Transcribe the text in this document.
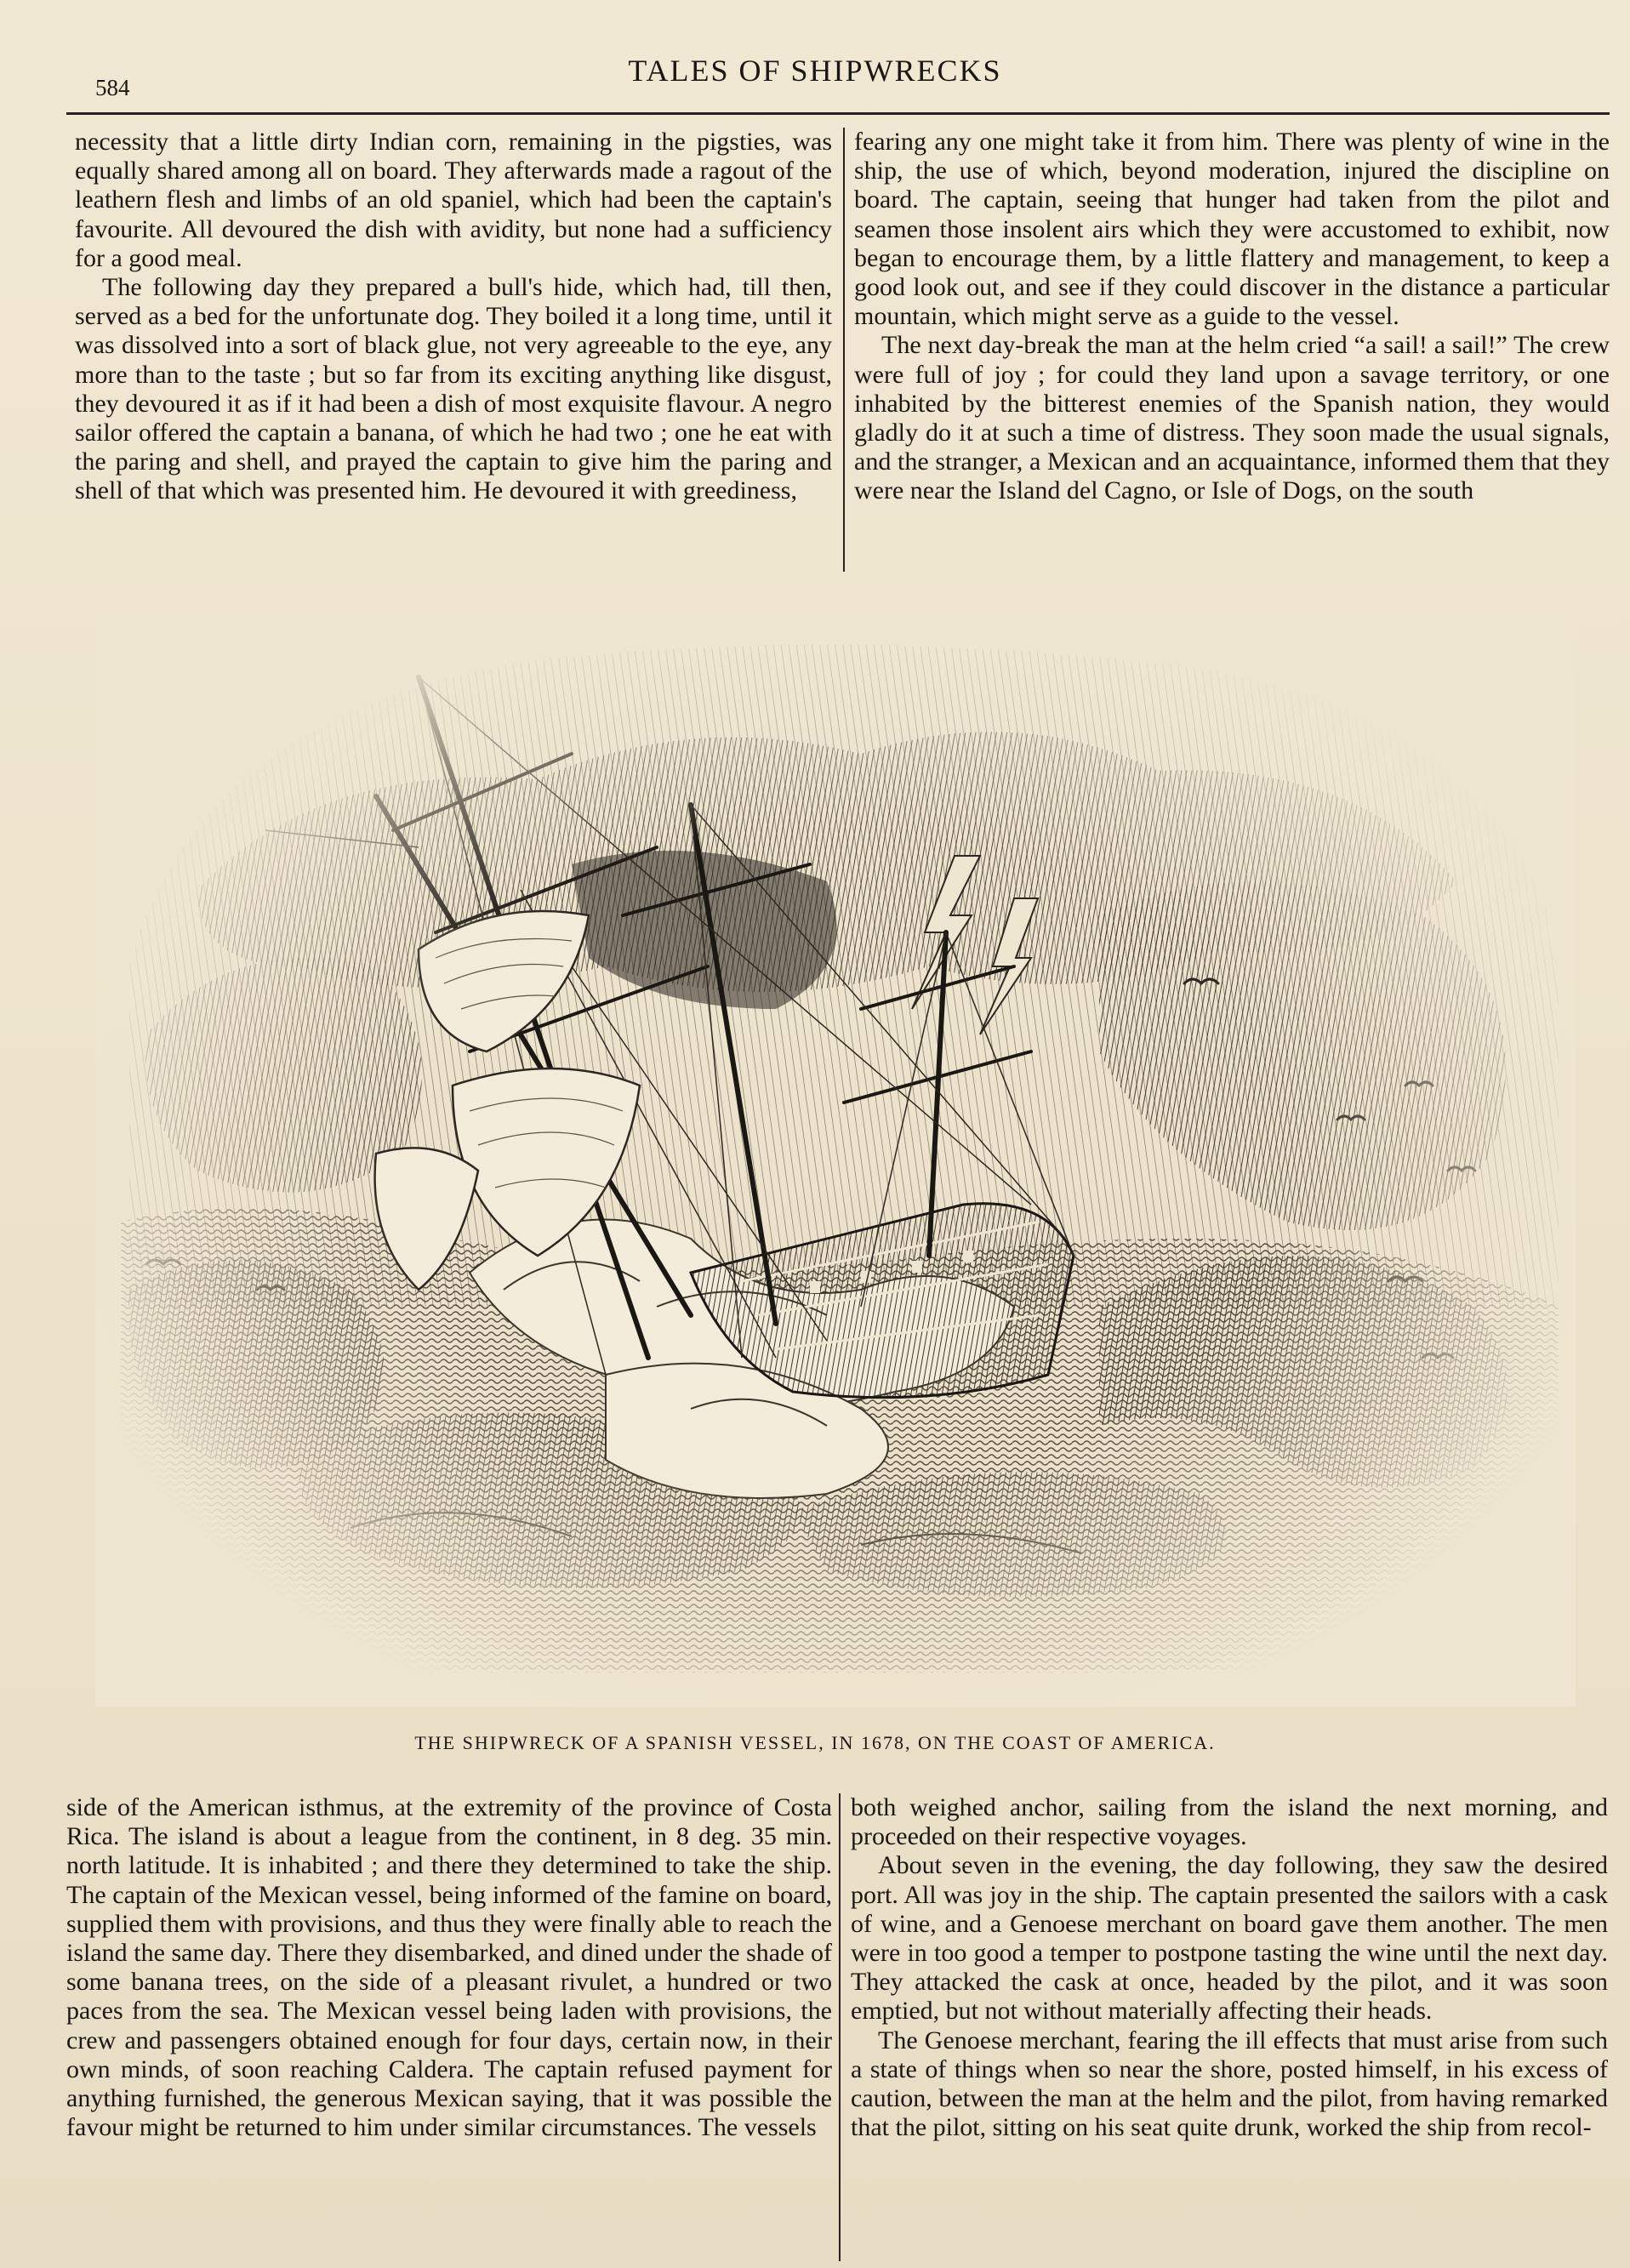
584	TALES OF SHIPWRECKS

necessity that a little dirty Indian corn, remaining in the pigsties, was equally shared among all on board. They afterwards made a ragout of the leathern flesh and limbs of an old spaniel, which had been the captain's favourite. All devoured the dish with avidity, but none had a sufficiency for a good meal.

The following day they prepared a bull's hide, which had, till then, served as a bed for the unfortunate dog. They boiled it a long time, until it was dissolved into a sort of black glue, not very agreeable to the eye, any more than to the taste ; but so far from its exciting anything like disgust, they devoured it as if it had been a dish of most exquisite flavour. A negro sailor offered the captain a banana, of which he had two ; one he eat with the paring and shell, and prayed the captain to give him the paring and shell of that which was presented him. He devoured it with greediness,

fearing any one might take it from him. There was plenty of wine in the ship, the use of which, beyond moderation, injured the discipline on board. The captain, seeing that hunger had taken from the pilot and seamen those insolent airs which they were accustomed to exhibit, now began to encourage them, by a little flattery and management, to keep a good look out, and see if they could discover in the distance a particular mountain, which might serve as a guide to the vessel.

The next day-break the man at the helm cried “a sail! a sail!” The crew were full of joy ; for could they land upon a savage territory, or one inhabited by the bitterest enemies of the Spanish nation, they would gladly do it at such a time of distress. They soon made the usual signals, and the stranger, a Mexican and an acquaintance, informed them that they were near the Island del Cagno, or Isle of Dogs, on the south

THE SHIPWRECK OF A SPANISH VESSEL, IN 1678, ON THE COAST OF AMERICA.

side of the American isthmus, at the extremity of the province of Costa Rica. The island is about a league from the continent, in 8 deg. 35 min. north latitude. It is inhabited ; and there they determined to take the ship. The captain of the Mexican vessel, being informed of the famine on board, supplied them with provisions, and thus they were finally able to reach the island the same day. There they disembarked, and dined under the shade of some banana trees, on the side of a pleasant rivulet, a hundred or two paces from the sea. The Mexican vessel being laden with provisions, the crew and passengers obtained enough for four days, certain now, in their own minds, of soon reaching Caldera. The captain refused payment for anything furnished, the generous Mexican saying, that it was possible the favour might be returned to him under similar circumstances. The vessels

both weighed anchor, sailing from the island the next morning, and proceeded on their respective voyages.

About seven in the evening, the day following, they saw the desired port. All was joy in the ship. The captain presented the sailors with a cask of wine, and a Genoese merchant on board gave them another. The men were in too good a temper to postpone tasting the wine until the next day. They attacked the cask at once, headed by the pilot, and it was soon emptied, but not without materially affecting their heads.

The Genoese merchant, fearing the ill effects that must arise from such a state of things when so near the shore, posted himself, in his excess of caution, between the man at the helm and the pilot, from having remarked that the pilot, sitting on his seat quite drunk, worked the ship from recol-
